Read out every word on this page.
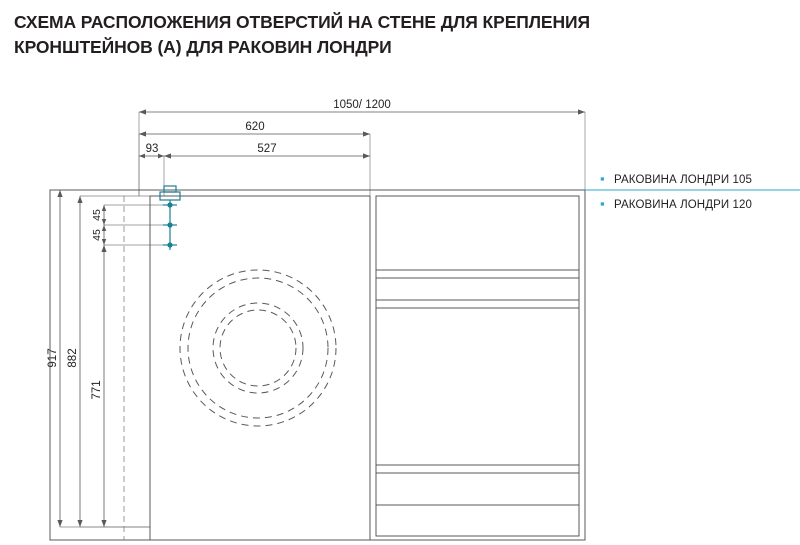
СХЕМА РАСПОЛОЖЕНИЯ ОТВЕРСТИЙ НА СТЕНЕ ДЛЯ КРЕПЛЕНИЯ
КРОНШТЕЙНОВ (А) ДЛЯ РАКОВИН ЛОНДРИ
1050/ 1200
620
93	527
917 882
771
45
45
▪ РАКОВИНА ЛОНДРИ 105
▪ РАКОВИНА ЛОНДРИ 120
